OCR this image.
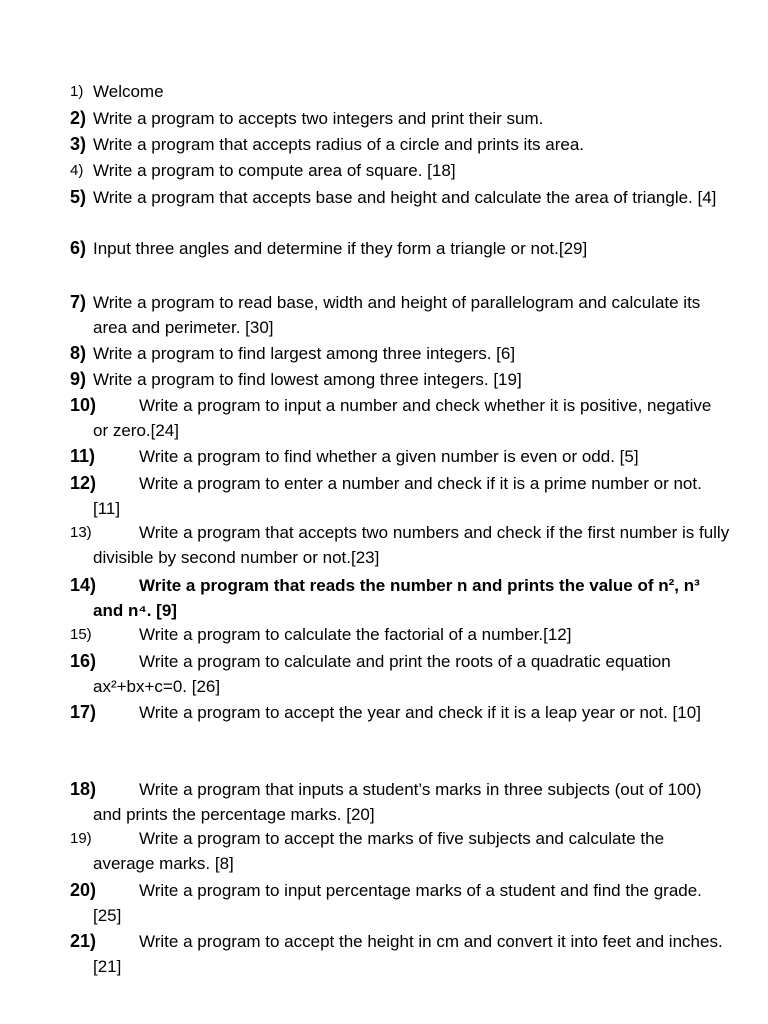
1) Welcome
2) Write a program to accepts two integers and print their sum.
3) Write a program that accepts radius of a circle and prints its area.
4) Write a program to compute area of square. [18]
5) Write a program that accepts base and height and calculate the area of triangle. [4]
6) Input three angles and determine if they form a triangle or not.[29]
7) Write a program to read base, width and height of parallelogram and calculate its area and perimeter. [30]
8) Write a program to find largest among three integers. [6]
9) Write a program to find lowest among three integers. [19]
10)	Write a program to input a number and check whether it is positive, negative or zero.[24]
11)	Write a program to find whether a given number is even or odd. [5]
12)	Write a program to enter a number and check if it is a prime number or not. [11]
13)	Write a program that accepts two numbers and check if the first number is fully divisible by second number or not.[23]
14)	Write a program that reads the number n and prints the value of n², n³ and n⁴. [9]
15)	Write a program to calculate the factorial of a number.[12]
16)	Write a program to calculate and print the roots of a quadratic equation ax²+bx+c=0. [26]
17)	Write a program to accept the year and check if it is a leap year or not. [10]
18)	Write a program that inputs a student’s marks in three subjects (out of 100) and prints the percentage marks. [20]
19)	Write a program to accept the marks of five subjects and calculate the average marks. [8]
20)	Write a program to input percentage marks of a student and find the grade. [25]
21)	Write a program to accept the height in cm and convert it into feet and inches. [21]
